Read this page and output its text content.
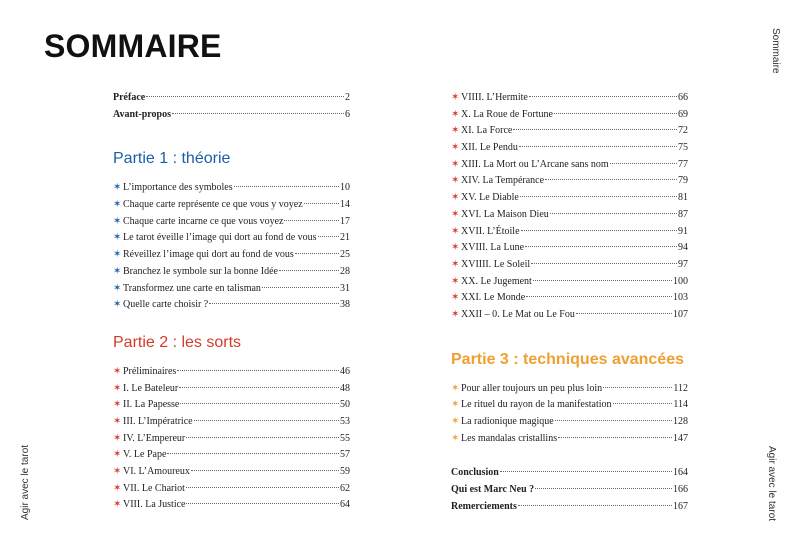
SOMMAIRE	Sommaire
Agir avec le tarot	Agir avec le tarot
Préface	2
Avant-propos	6
Partie 1 : théorie
✶ L’importance des symboles	10
✶ Chaque carte représente ce que vous y voyez	14
✶ Chaque carte incarne ce que vous voyez	17
✶ Le tarot éveille l’image qui dort au fond de vous 21
✶ Réveillez l’image qui dort au fond de vous	25
✶ Branchez le symbole sur la bonne Idée	28
✶ Transformez une carte en talisman	31
✶ Quelle carte choisir ?	38
Partie 2 : les sorts
✶ Préliminaires	46
✶ I. Le Bateleur	48
✶ II. La Papesse	50
✶ III. L’Impératrice	53
✶ IV. L’Empereur	55
✶ V. Le Pape	57
✶ VI. L’Amoureux	59
✶ VII. Le Chariot	62
✶ VIII. La Justice	64
✶ VIIII. L’Hermite	66
✶ X. La Roue de Fortune	69
✶ XI. La Force	72
✶ XII. Le Pendu	75
✶ XIII. La Mort ou L’Arcane sans nom	77
✶ XIV. La Tempérance	79
✶ XV. Le Diable	81
✶ XVI. La Maison Dieu	87
✶ XVII. L’Étoile	91
✶ XVIII. La Lune	94
✶ XVIIII. Le Soleil	97
✶ XX. Le Jugement	100
✶ XXI. Le Monde	103
✶ XXII – 0. Le Mat ou Le Fou	107
Partie 3 : techniques avancées
✶ Pour aller toujours un peu plus loin	112
✶ Le rituel du rayon de la manifestation	114
✶ La radionique magique	128
✶ Les mandalas cristallins	147
Conclusion	164
Qui est Marc Neu ?	166
Remerciements	167
